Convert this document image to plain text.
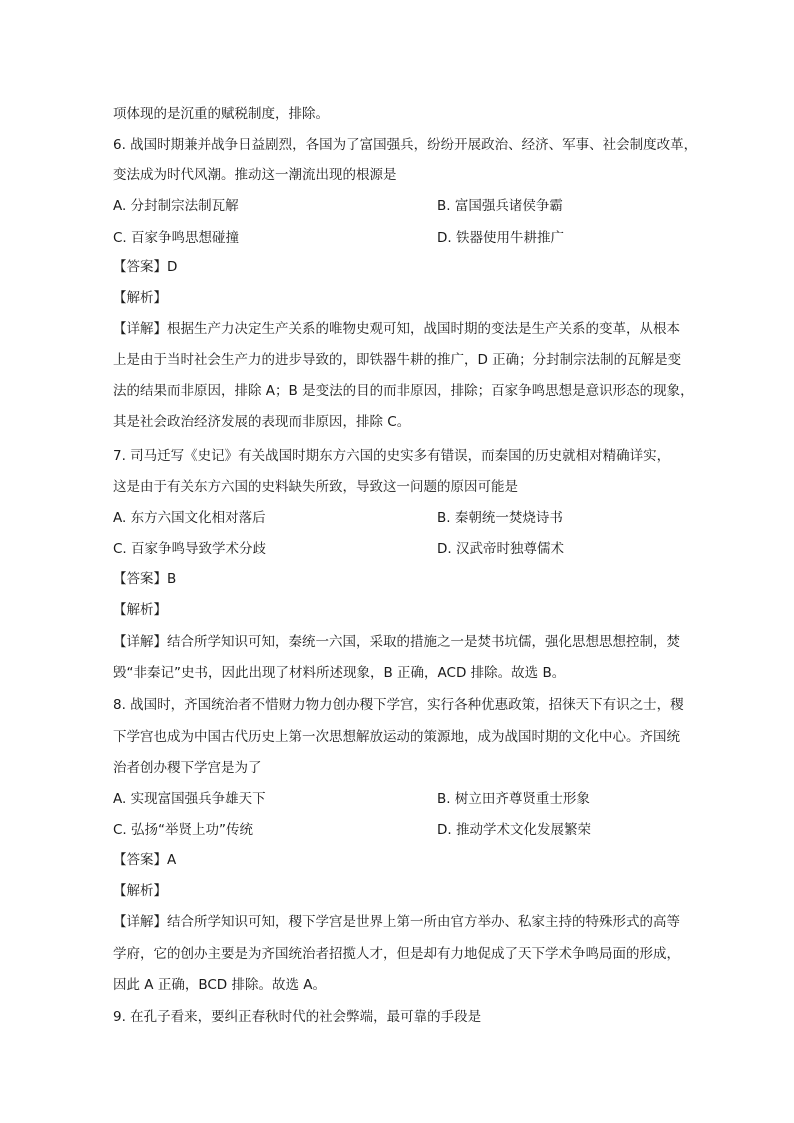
项体现的是沉重的赋税制度，排除。
6. 战国时期兼并战争日益剧烈，各国为了富国强兵，纷纷开展政治、经济、军事、社会制度改革，
变法成为时代风潮。推动这一潮流出现的根源是
A. 分封制宗法制瓦解	B. 富国强兵诸侯争霸
C. 百家争鸣思想碰撞	D. 铁器使用牛耕推广
【答案】D
【解析】
【详解】根据生产力决定生产关系的唯物史观可知，战国时期的变法是生产关系的变革，从根本
上是由于当时社会生产力的进步导致的，即铁器牛耕的推广，D 正确；分封制宗法制的瓦解是变
法的结果而非原因，排除 A；B 是变法的目的而非原因，排除；百家争鸣思想是意识形态的现象，
其是社会政治经济发展的表现而非原因，排除 C。
7. 司马迁写《史记》有关战国时期东方六国的史实多有错误，而秦国的历史就相对精确详实，
这是由于有关东方六国的史料缺失所致，导致这一问题的原因可能是
A. 东方六国文化相对落后	B. 秦朝统一焚烧诗书
C. 百家争鸣导致学术分歧	D. 汉武帝时独尊儒术
【答案】B
【解析】
【详解】结合所学知识可知，秦统一六国，采取的措施之一是焚书坑儒，强化思想思想控制，焚
毁“非秦记”史书，因此出现了材料所述现象，B 正确，ACD 排除。故选 B。
8. 战国时，齐国统治者不惜财力物力创办稷下学宫，实行各种优惠政策，招徕天下有识之士，稷
下学宫也成为中国古代历史上第一次思想解放运动的策源地，成为战国时期的文化中心。齐国统
治者创办稷下学宫是为了
A. 实现富国强兵争雄天下	B. 树立田齐尊贤重士形象
C. 弘扬“举贤上功”传统	D. 推动学术文化发展繁荣
【答案】A
【解析】
【详解】结合所学知识可知，稷下学宫是世界上第一所由官方举办、私家主持的特殊形式的高等
学府，它的创办主要是为齐国统治者招揽人才，但是却有力地促成了天下学术争鸣局面的形成，
因此 A 正确，BCD 排除。故选 A。
9. 在孔子看来，要纠正春秋时代的社会弊端，最可靠的手段是
